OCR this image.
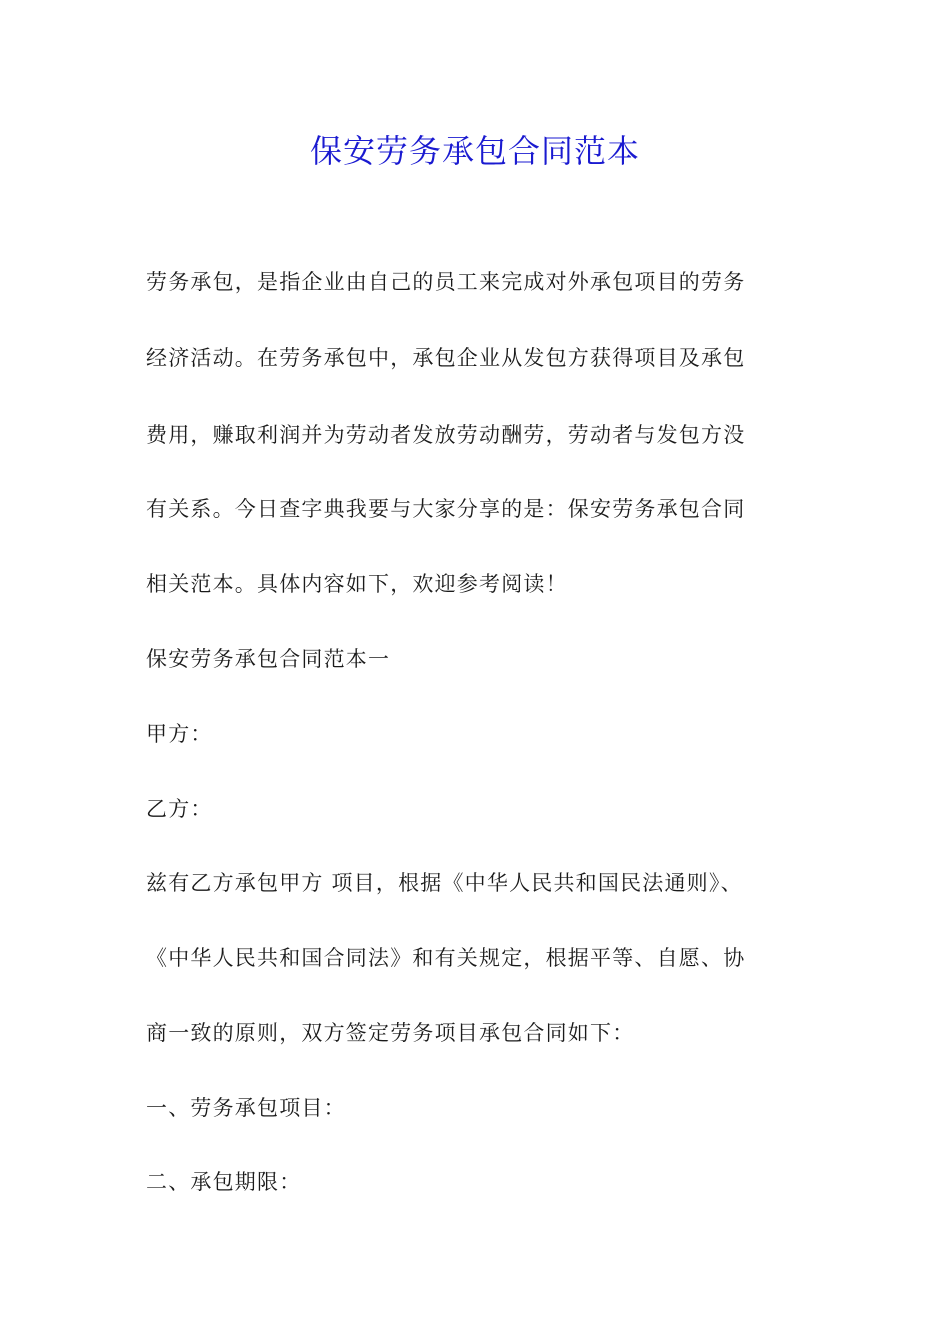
保安劳务承包合同范本
劳务承包，是指企业由自己的员工来完成对外承包项目的劳务
经济活动。在劳务承包中，承包企业从发包方获得项目及承包
费用，赚取利润并为劳动者发放劳动酬劳，劳动者与发包方没
有关系。今日查字典我要与大家分享的是：保安劳务承包合同
相关范本。具体内容如下，欢迎参考阅读！
保安劳务承包合同范本一
甲方：
乙方：
兹有乙方承包甲方 项目，根据《中华人民共和国民法通则》、
《中华人民共和国合同法》和有关规定，根据平等、自愿、协
商一致的原则，双方签定劳务项目承包合同如下：
一、劳务承包项目：
二、承包期限：
